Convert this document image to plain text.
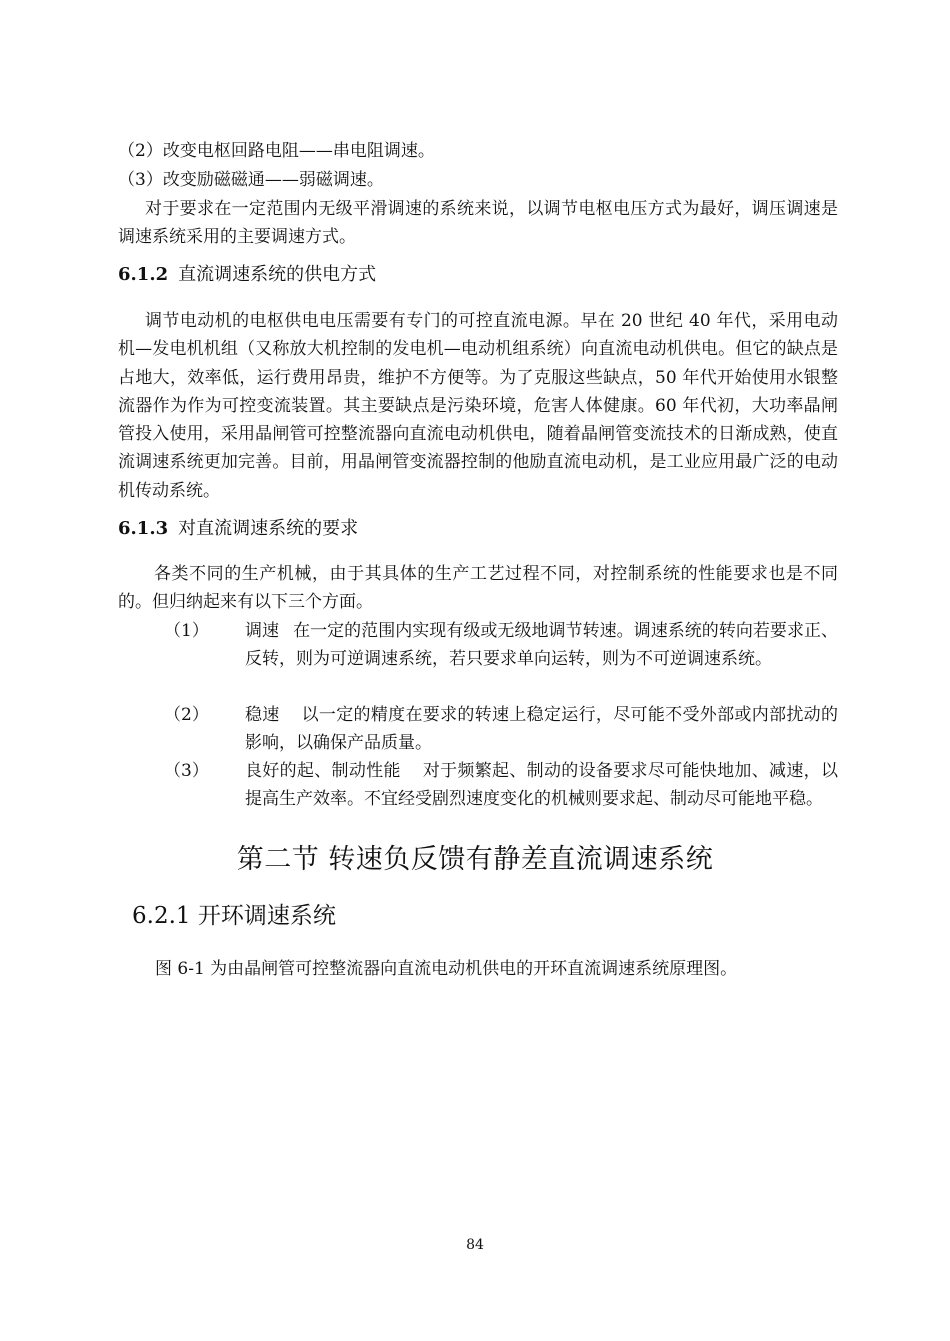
（2）改变电枢回路电阻——串电阻调速。
（3）改变励磁磁通——弱磁调速。
对于要求在一定范围内无级平滑调速的系统来说，以调节电枢电压方式为最好，调压调速是调速系统采用的主要调速方式。
6.1.2 直流调速系统的供电方式
调节电动机的电枢供电电压需要有专门的可控直流电源。早在 20 世纪 40 年代，采用电动机—发电机机组（又称放大机控制的发电机—电动机组系统）向直流电动机供电。但它的缺点是占地大，效率低，运行费用昂贵，维护不方便等。为了克服这些缺点，50 年代开始使用水银整流器作为作为可控变流装置。其主要缺点是污染环境，危害人体健康。60 年代初，大功率晶闸管投入使用，采用晶闸管可控整流器向直流电动机供电，随着晶闸管变流技术的日渐成熟，使直流调速系统更加完善。目前，用晶闸管变流器控制的他励直流电动机，是工业应用最广泛的电动机传动系统。
6.1.3 对直流调速系统的要求
各类不同的生产机械，由于其具体的生产工艺过程不同，对控制系统的性能要求也是不同的。但归纳起来有以下三个方面。
（1） 调速 在一定的范围内实现有级或无级地调节转速。调速系统的转向若要求正、反转，则为可逆调速系统，若只要求单向运转，则为不可逆调速系统。
（2） 稳速 以一定的精度在要求的转速上稳定运行，尽可能不受外部或内部扰动的影响，以确保产品质量。
（3） 良好的起、制动性能 对于频繁起、制动的设备要求尽可能快地加、减速，以提高生产效率。不宜经受剧烈速度变化的机械则要求起、制动尽可能地平稳。
第二节 转速负反馈有静差直流调速系统
6.2.1 开环调速系统
图 6-1 为由晶闸管可控整流器向直流电动机供电的开环直流调速系统原理图。
84
